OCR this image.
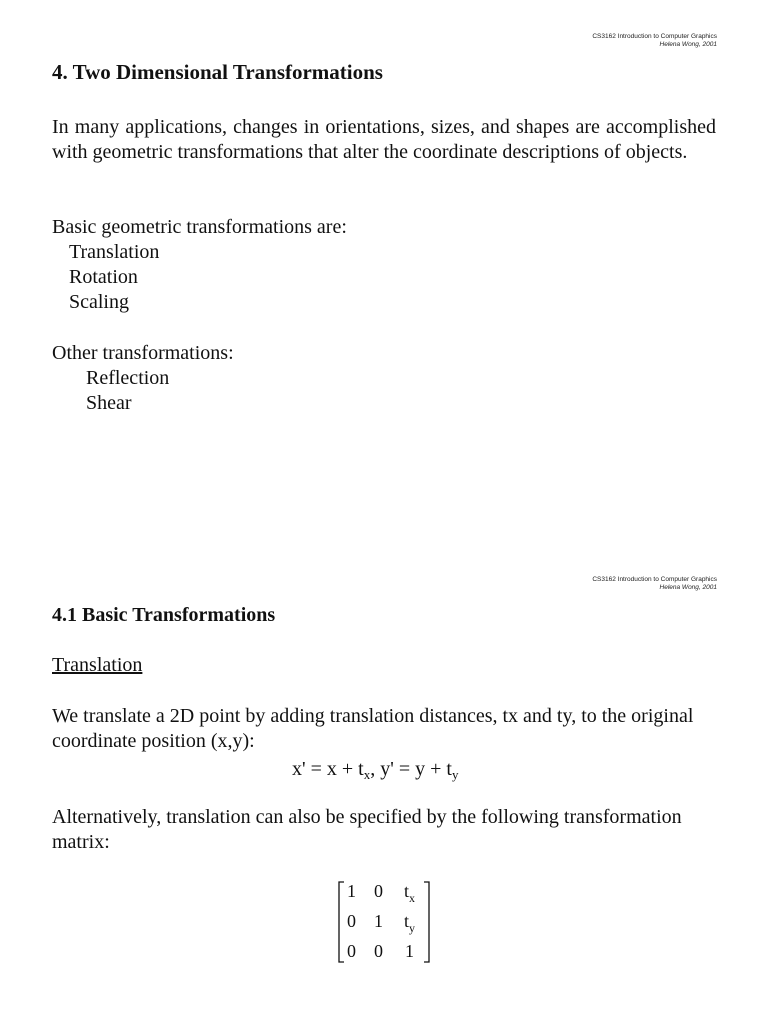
CS3162 Introduction to Computer Graphics
Helena Wong, 2001
4. Two Dimensional Transformations

In many applications, changes in orientations, sizes, and shapes are accomplished with geometric transformations that alter the coordinate descriptions of objects.

Basic geometric transformations are:
Translation
Rotation
Scaling
Other transformations:
Reflection
Shear
CS3162 Introduction to Computer Graphics
Helena Wong, 2001
4.1 Basic Transformations
Translation

We translate a 2D point by adding translation distances, tx and ty, to the original coordinate position (x,y):

$x' = x + t_x$, $y' = y + t_y$

Alternatively, translation can also be specified by the following transformation matrix:

1 0 $t_x$
0 1 $t_y$
0 0 1
